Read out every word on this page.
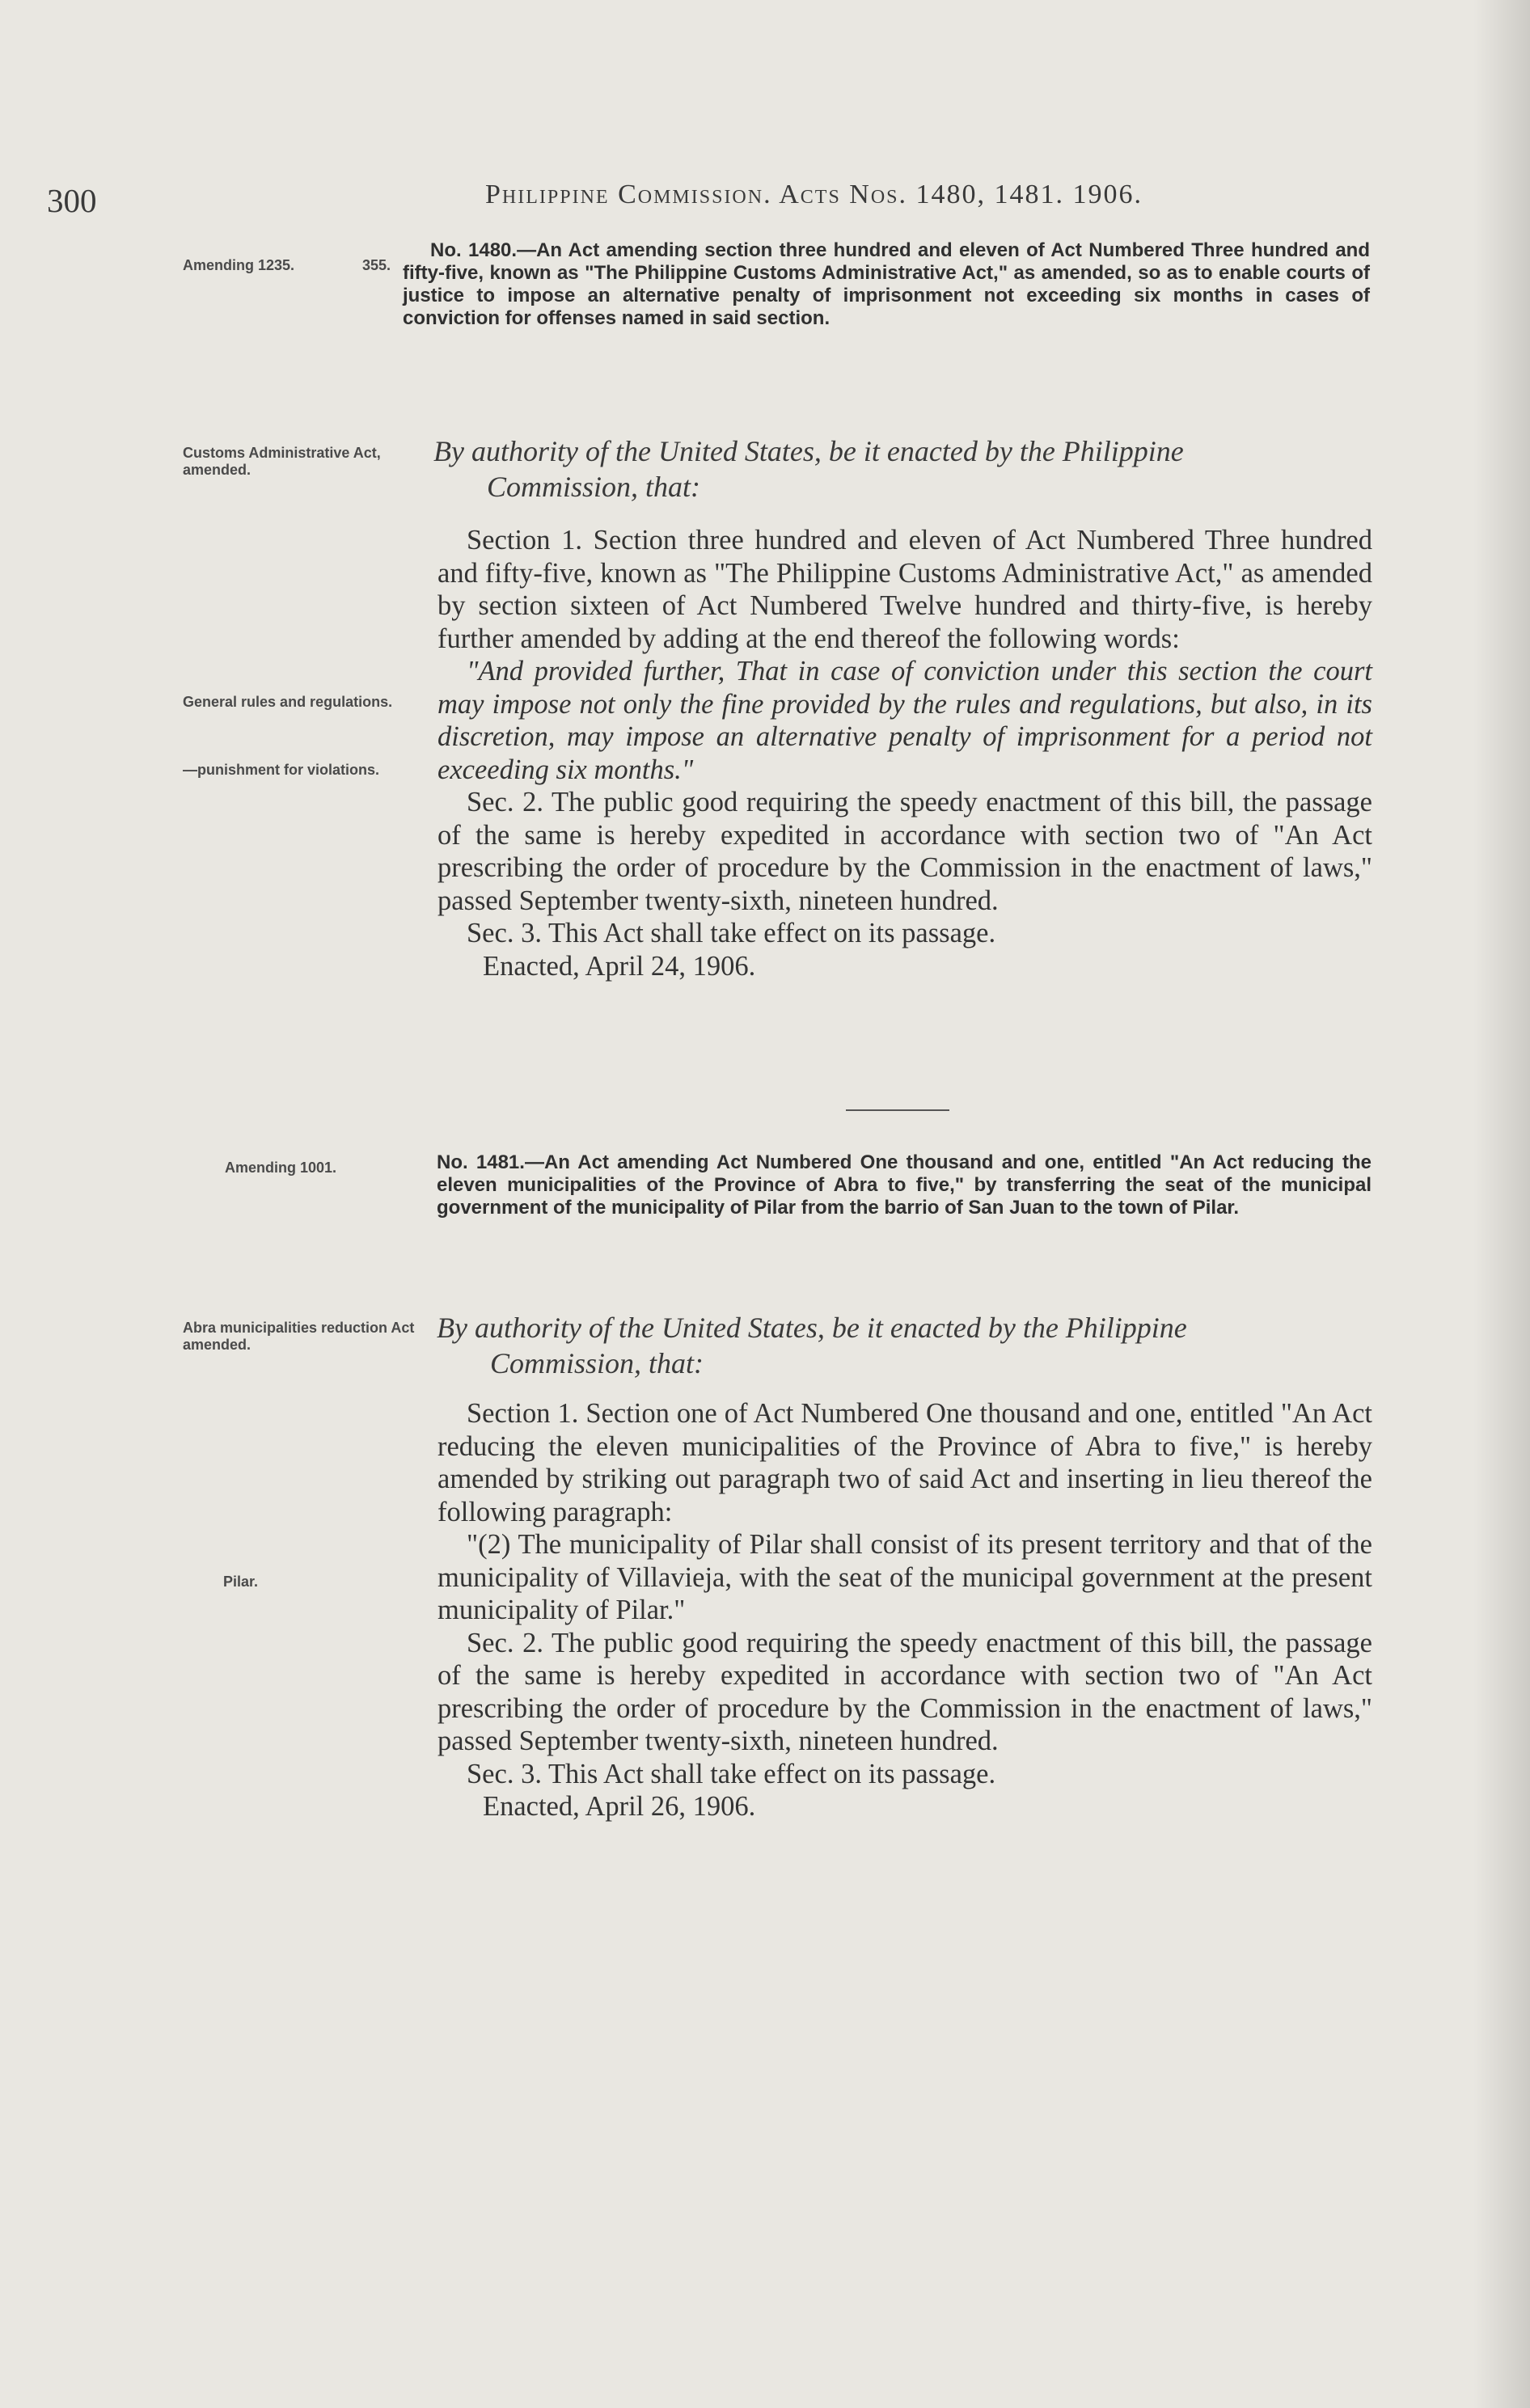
300	Philippine Commission. Acts Nos. 1480, 1481. 1906.
Amending 1235.	355.
No. 1480.—An Act amending section three hundred and eleven of Act Numbered Three hundred and fifty-five, known as "The Philippine Customs Administrative Act," as amended, so as to enable courts of justice to impose an alternative penalty of imprisonment not exceeding six months in cases of conviction for offenses named in said section.
Customs Administrative Act, amended.
By authority of the United States, be it enacted by the Philippine
Commission, that:
General rules and regulations.
—punishment for violations.

Section 1. Section three hundred and eleven of Act Numbered Three hundred and fifty-five, known as "The Philippine Customs Administrative Act," as amended by section sixteen of Act Numbered Twelve hundred and thirty-five, is hereby further amended by adding at the end thereof the following words:

"And provided further, That in case of conviction under this section the court may impose not only the fine provided by the rules and regulations, but also, in its discretion, may impose an alternative penalty of imprisonment for a period not exceeding six months."

Sec. 2. The public good requiring the speedy enactment of this bill, the passage of the same is hereby expedited in accordance with section two of "An Act prescribing the order of procedure by the Commission in the enactment of laws," passed September twenty-sixth, nineteen hundred.

Sec. 3. This Act shall take effect on its passage.

Enacted, April 24, 1906.

Amending 1001.	No. 1481.—An Act amending Act Numbered One thousand and one, entitled "An Act reducing the eleven municipalities of the Province of Abra to five," by transferring the seat of the municipal government of the municipality of Pilar from the barrio of San Juan to the town of Pilar.
Abra municipalities reduction Act amended.
By authority of the United States, be it enacted by the Philippine
Commission, that:
Pilar.

Section 1. Section one of Act Numbered One thousand and one, entitled "An Act reducing the eleven municipalities of the Province of Abra to five," is hereby amended by striking out paragraph two of said Act and inserting in lieu thereof the following paragraph:

"(2) The municipality of Pilar shall consist of its present territory and that of the municipality of Villavieja, with the seat of the municipal government at the present municipality of Pilar."

Sec. 2. The public good requiring the speedy enactment of this bill, the passage of the same is hereby expedited in accordance with section two of "An Act prescribing the order of procedure by the Commission in the enactment of laws," passed September twenty-sixth, nineteen hundred.

Sec. 3. This Act shall take effect on its passage.

Enacted, April 26, 1906.
